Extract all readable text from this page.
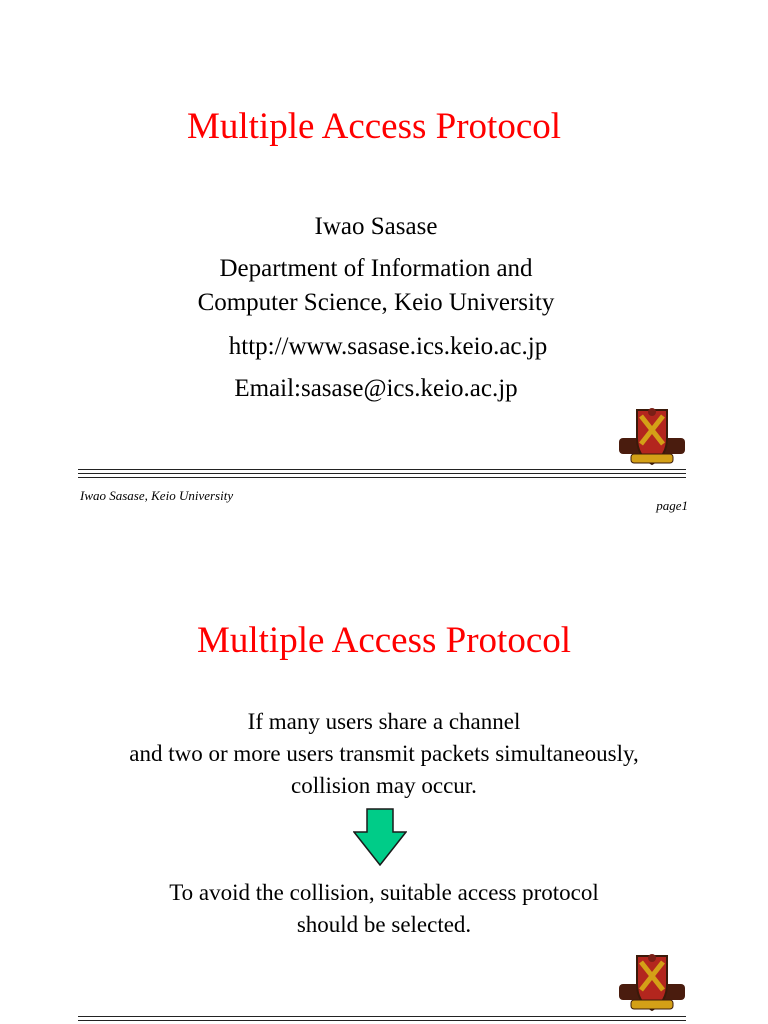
Multiple Access Protocol
Iwao Sasase
Department of Information and
Computer Science, Keio University
http://www.sasase.ics.keio.ac.jp
Email:sasase@ics.keio.ac.jp
Iwao Sasase, Keio University
page1
Multiple Access Protocol
If many users share a channel
and two or more users transmit packets simultaneously,
collision may occur.
To avoid the collision, suitable access protocol
should be selected.
